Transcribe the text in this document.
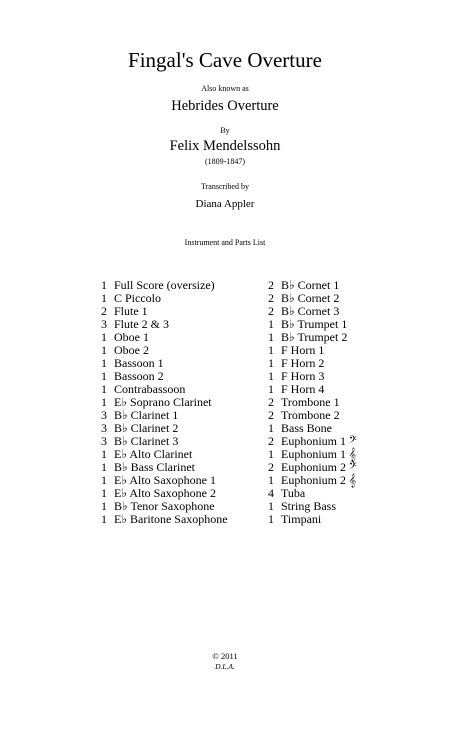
Fingal's Cave Overture
Also known as
Hebrides Overture
By
Felix Mendelssohn
(1809-1847)
Transcribed by
Diana Appler
Instrument and Parts List
1 Full Score (oversize)
1 C Piccolo
2 Flute 1
3 Flute 2 & 3
1 Oboe 1
1 Oboe 2
1 Bassoon 1
1 Bassoon 2
1 Contrabassoon
1 E♭ Soprano Clarinet
3 B♭ Clarinet 1
3 B♭ Clarinet 2
3 B♭ Clarinet 3
1 E♭ Alto Clarinet
1 B♭ Bass Clarinet
1 E♭ Alto Saxophone 1
1 E♭ Alto Saxophone 2
1 B♭ Tenor Saxophone
1 E♭ Baritone Saxophone
2 B♭ Cornet 1
2 B♭ Cornet 2
2 B♭ Cornet 3
1 B♭ Trumpet 1
1 B♭ Trumpet 2
1 F Horn 1
1 F Horn 2
1 F Horn 3
1 F Horn 4
2 Trombone 1
2 Trombone 2
1 Bass Bone
2 Euphonium 1 𝄢
1 Euphonium 1 𝄞
2 Euphonium 2 𝄢
1 Euphonium 2 𝄞
4 Tuba
1 String Bass
1 Timpani
© 2011
D.L.A.
